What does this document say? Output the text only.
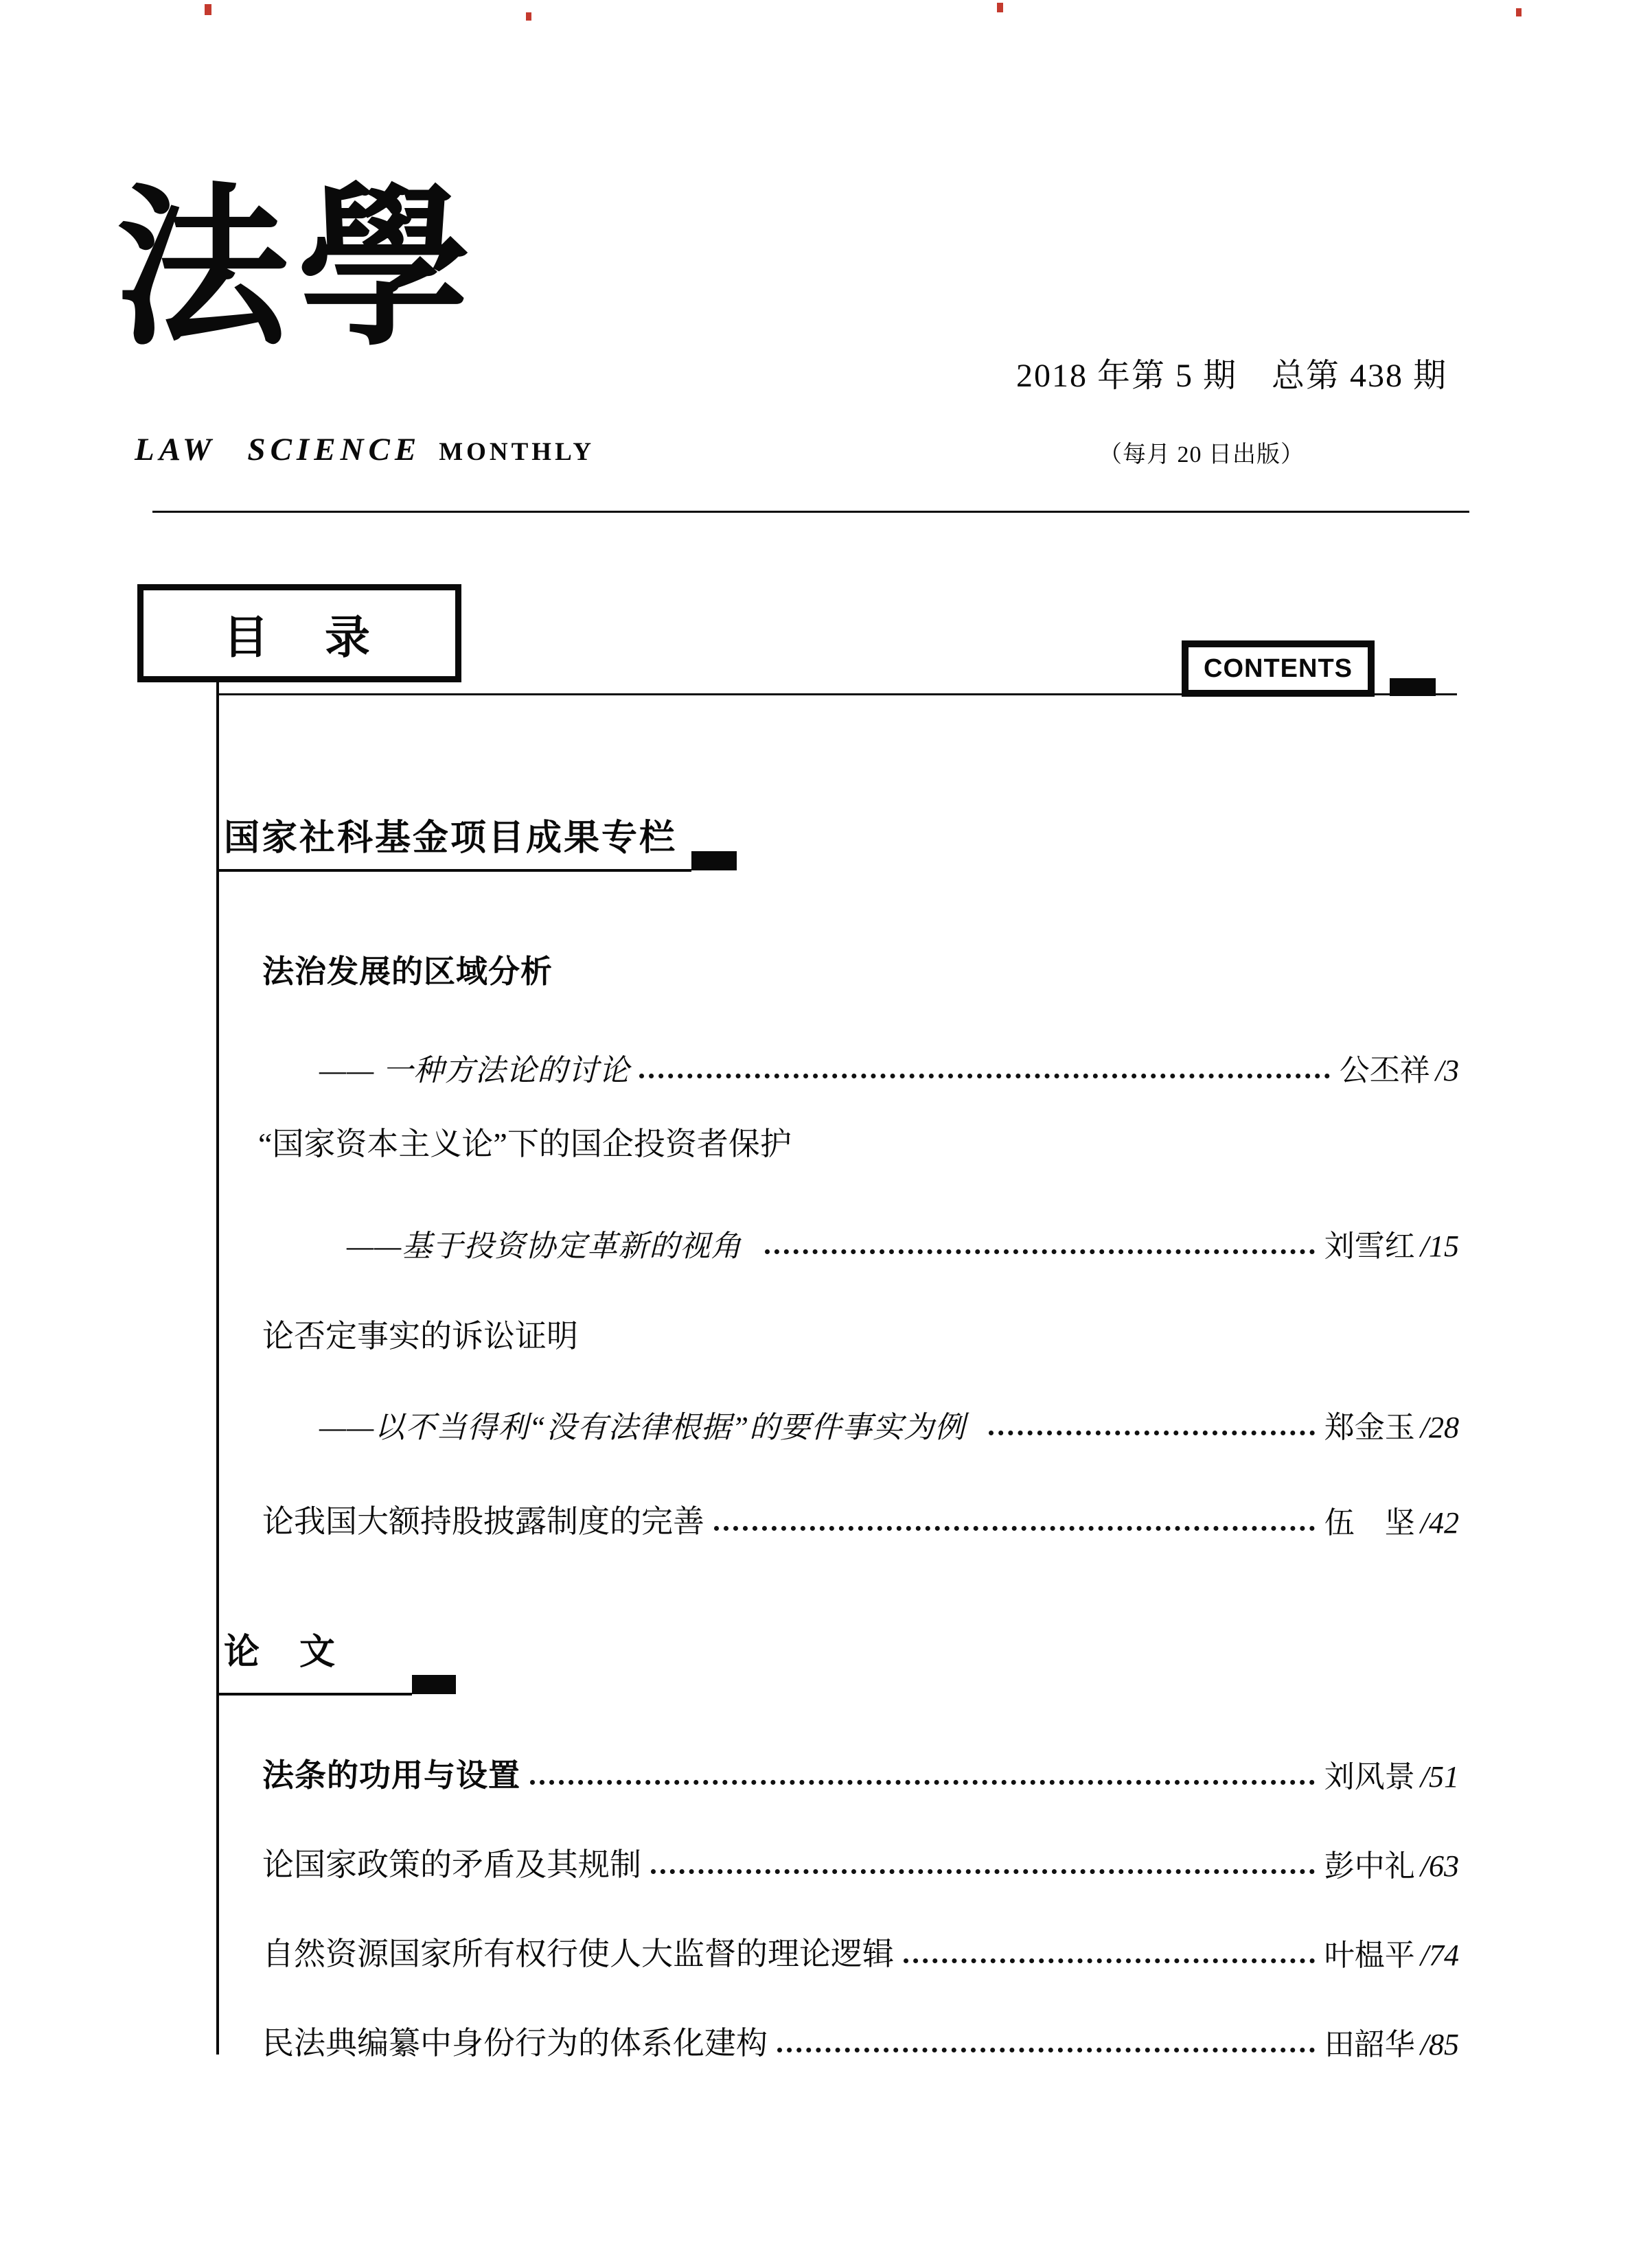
法學
LAW SCIENCE MONTHLY
2018 年第 5 期　总第 438 期
（每月 20 日出版）
目　录
CONTENTS
国家社科基金项目成果专栏
法治发展的区域分析
—— 一种方法论的讨论	公丕祥 /3
“国家资本主义论”下的国企投资者保护
——基于投资协定革新的视角	刘雪红 /15
论否定事实的诉讼证明
——以不当得利“没有法律根据”的要件事实为例	郑金玉 /28
论我国大额持股披露制度的完善	伍　坚 /42
论　文
法条的功用与设置	刘风景 /51
论国家政策的矛盾及其规制	彭中礼 /63
自然资源国家所有权行使人大监督的理论逻辑	叶榅平 /74
民法典编纂中身份行为的体系化建构	田韶华 /85
